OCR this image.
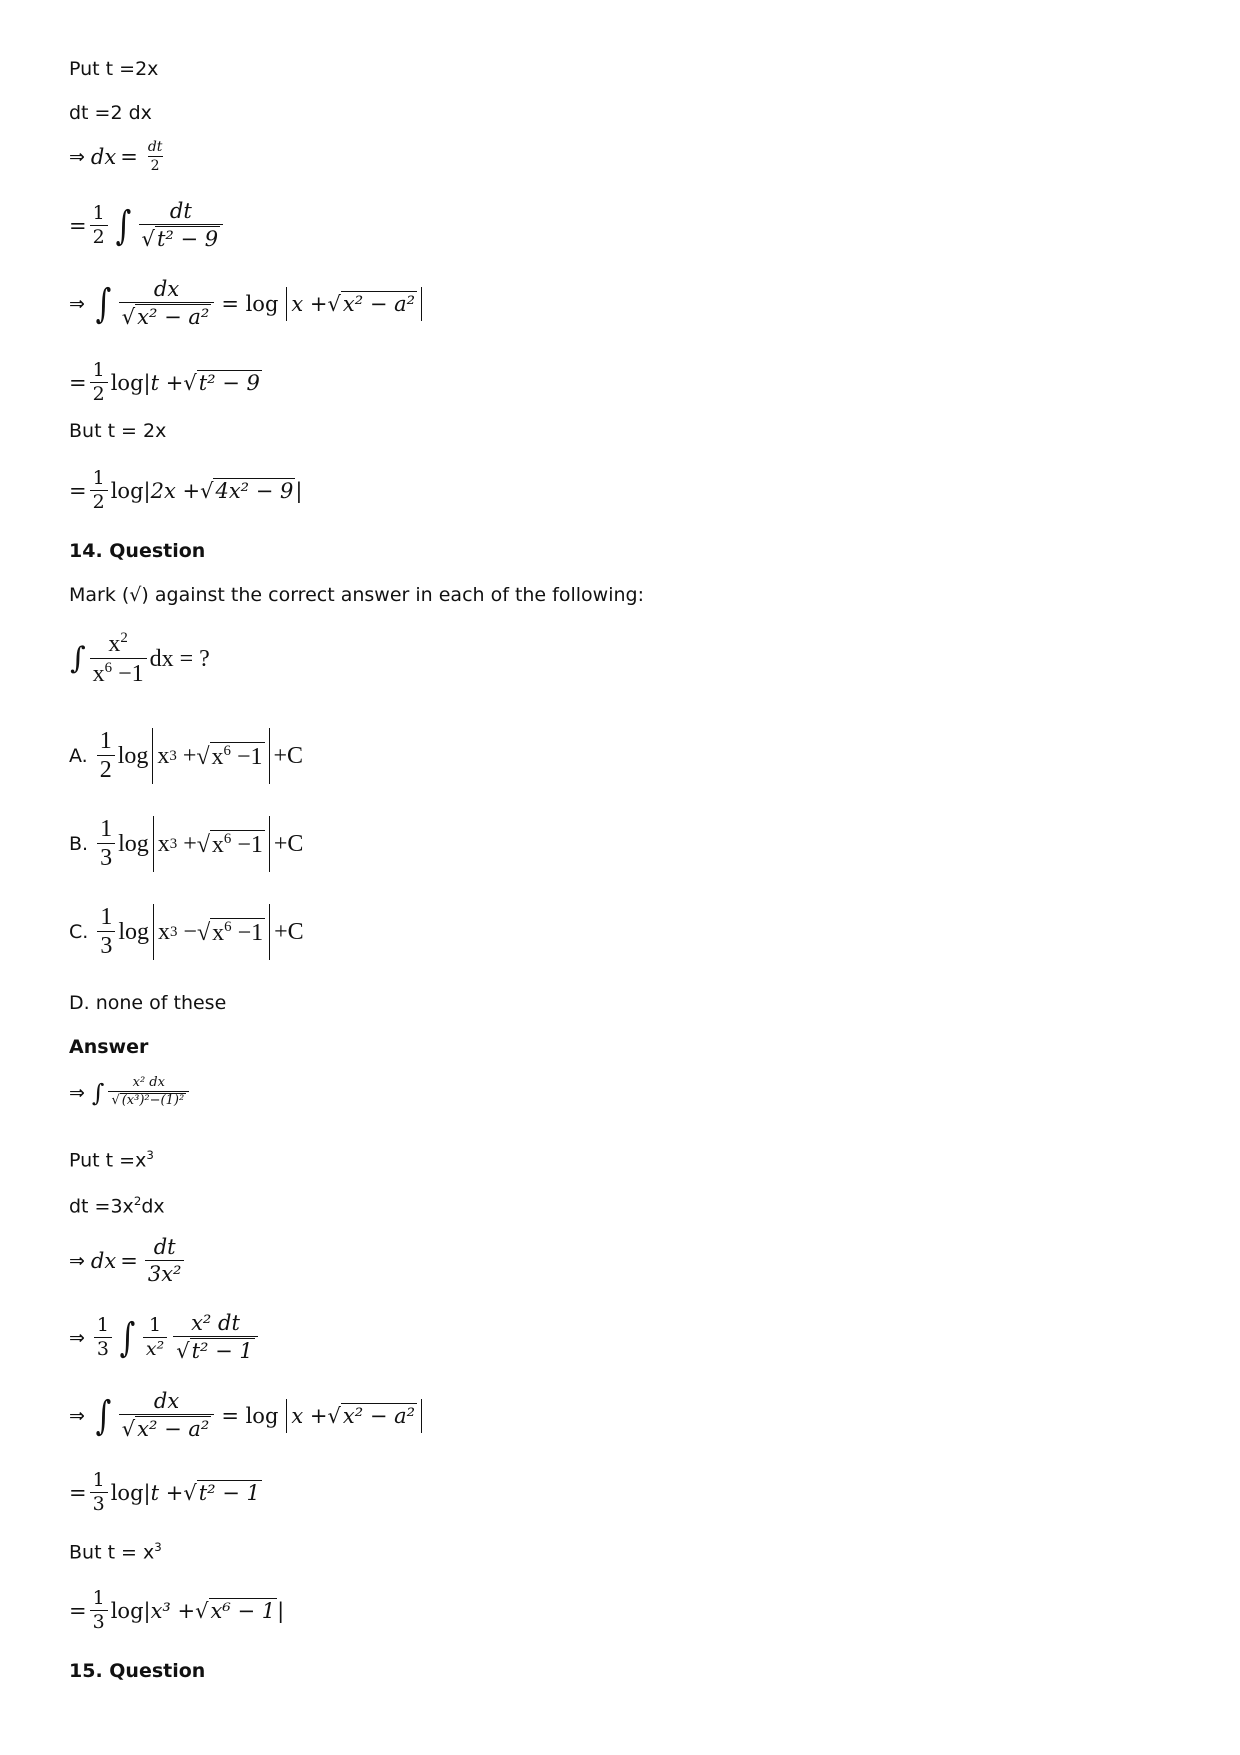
Put t =2x
dt =2 dx
⇒ dx = $\frac{dt}{2}$
= $\frac{1}{2}$ ∫ $\frac{dt}{\text{√ t² − 9}}$
⇒ ∫ $\frac{dx}{\text{√ x² − a²}} = \log x$ + √ x² − a²
= $\frac{1}{2}$ log | t + √ t² − 9
But t = 2x
= $\frac{1}{2}$ log | 2x + √ 4x² − 9 |
14. Question
Mark (√) against the correct answer in each of the following:
∫ $\frac{x^2}{x^6 -1}$ dx = ?
A. $\frac{1}{2}$ log x 3 + √ $x^6 -1 +C$
B. $\frac{1}{3}$ log x 3 + √ $x^6 -1 +C$
C. $\frac{1}{3}$ log x 3 − √ $x^6 -1 +C$
D. none of these
Answer
⇒ ∫ $\frac{\text{x² dx}}{\text{√ (x³)²−(1)²}}$
Put $t =x^3$
dt $=3x^2dx$
⇒ dx = $\frac{dt}{\text{3x²}}$
⇒ $\frac{1}{3}$ ∫ $\frac{1}{\text{x²}} \frac{\text{x² dt}}{\text{√ t² − 1}}$
⇒ ∫ $\frac{dx}{\text{√ x² − a²}} = \log x$ + √ x² − a²
= $\frac{1}{3}$ log | t + √ t² − 1
But $t = x^3$
= $\frac{1}{3}$ log | x³ + √ x⁶ − 1 |
15. Question
